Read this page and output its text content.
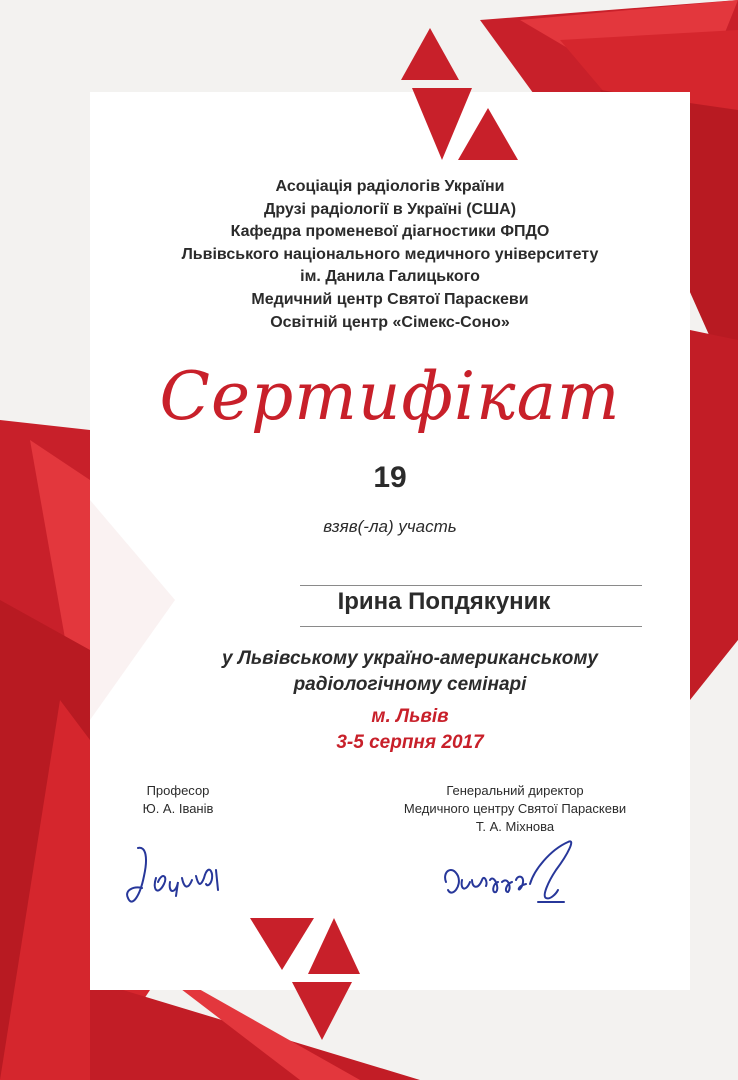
Асоціація радіологів України
Друзі радіології в Україні (США)
Кафедра променевої діагностики ФПДО
Львівського національного медичного університету
ім. Данила Галицького
Медичний центр Святої Параскеви
Освітній центр «Сімекс-Соно»
Сертифікат
19
взяв(-ла) участь
Ірина Попдякуник
у Львівському україно-американському
радіологічному семінарі
м. Львів
3-5 серпня 2017
Професор
Ю. А. Іванів
Генеральний директор
Медичного центру Святої Параскеви
Т. А. Міхнова
